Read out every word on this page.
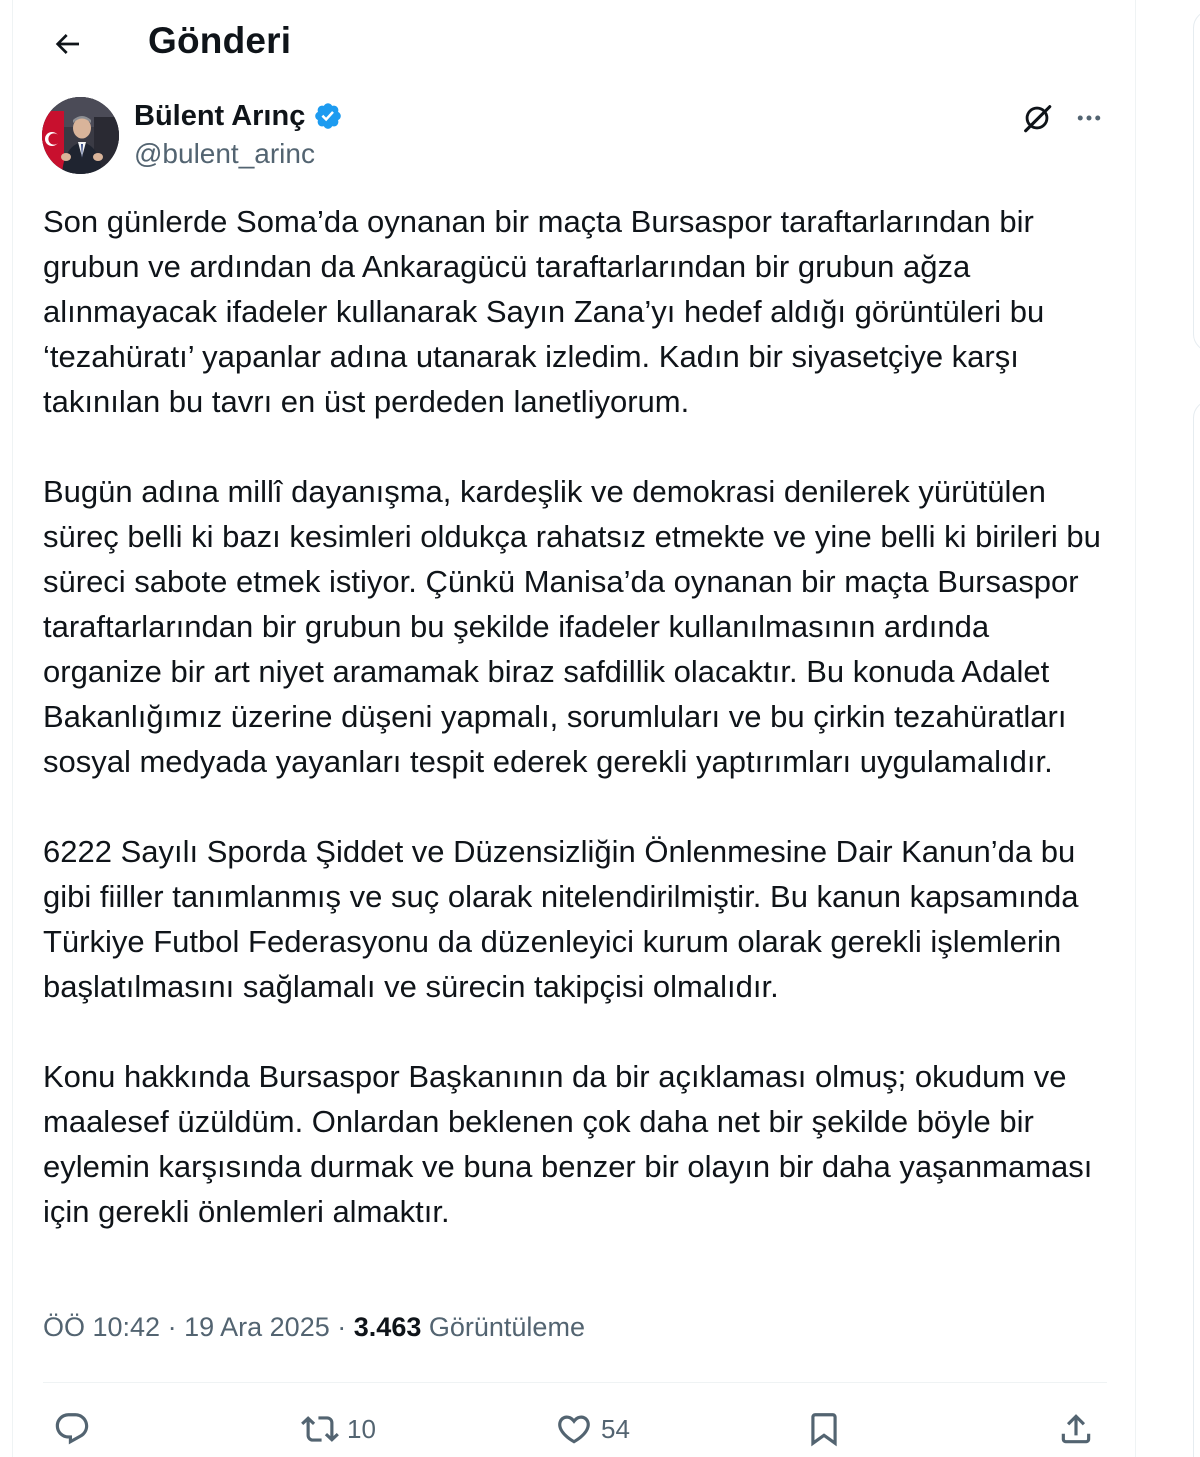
Gönderi
Bülent Arınç
@bulent_arinc

Son günlerde Soma’da oynanan bir maçta Bursaspor taraftarlarından bir grubun ve ardından da Ankaragücü taraftarlarından bir grubun ağza alınmayacak ifadeler kullanarak Sayın Zana’yı hedef aldığı görüntüleri bu ‘tezahüratı’ yapanlar adına utanarak izledim. Kadın bir siyasetçiye karşı takınılan bu tavrı en üst perdeden lanetliyorum.

Bugün adına millî dayanışma, kardeşlik ve demokrasi denilerek yürütülen süreç belli ki bazı kesimleri oldukça rahatsız etmekte ve yine belli ki birileri bu süreci sabote etmek istiyor. Çünkü Manisa’da oynanan bir maçta Bursaspor taraftarlarından bir grubun bu şekilde ifadeler kullanılmasının ardında organize bir art niyet aramamak biraz safdillik olacaktır. Bu konuda Adalet Bakanlığımız üzerine düşeni yapmalı, sorumluları ve bu çirkin tezahüratları sosyal medyada yayanları tespit ederek gerekli yaptırımları uygulamalıdır.

6222 Sayılı Sporda Şiddet ve Düzensizliğin Önlenmesine Dair Kanun’da bu gibi fiiller tanımlanmış ve suç olarak nitelendirilmiştir. Bu kanun kapsamında Türkiye Futbol Federasyonu da düzenleyici kurum olarak gerekli işlemlerin başlatılmasını sağlamalı ve sürecin takipçisi olmalıdır.

Konu hakkında Bursaspor Başkanının da bir açıklaması olmuş; okudum ve maalesef üzüldüm. Onlardan beklenen çok daha net bir şekilde böyle bir eylemin karşısında durmak ve buna benzer bir olayın bir daha yaşanmaması için gerekli önlemleri almaktır.

ÖÖ 10:42 · 19 Ara 2025 · 3.463 Görüntüleme
10	54
